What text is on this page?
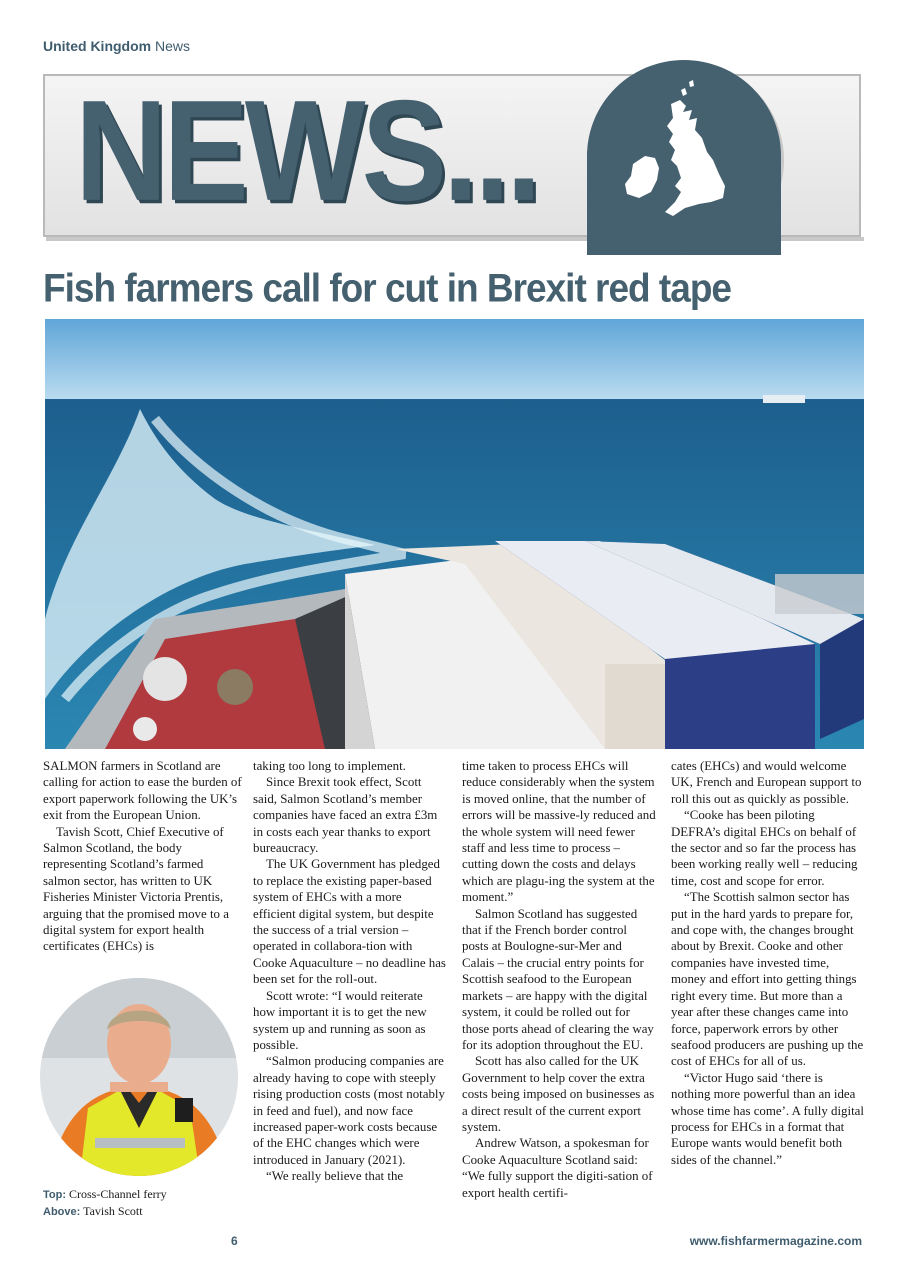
United Kingdom News
NEWS...
Fish farmers call for cut in Brexit red tape

SALMON farmers in Scotland are calling for action to ease the burden of export paperwork following the UK’s exit from the European Union.

Tavish Scott, Chief Executive of Salmon Scotland, the body representing Scotland’s farmed salmon sector, has written to UK Fisheries Minister Victoria Prentis, arguing that the promised move to a digital system for export health certificates (EHCs) is

taking too long to implement.

Since Brexit took effect, Scott said, Salmon Scotland’s member companies have faced an extra £3m in costs each year thanks to export bureaucracy.

The UK Government has pledged to replace the existing paper-based system of EHCs with a more efficient digital system, but despite the success of a trial version – operated in collabora-tion with Cooke Aquaculture – no deadline has been set for the roll-out.

Scott wrote: “I would reiterate how important it is to get the new system up and running as soon as possible.

“Salmon producing companies are already having to cope with steeply rising production costs (most notably in feed and fuel), and now face increased paper-work costs because of the EHC changes which were introduced in January (2021).

“We really believe that the

time taken to process EHCs will reduce considerably when the system is moved online, that the number of errors will be massive-ly reduced and the whole system will need fewer staff and less time to process – cutting down the costs and delays which are plagu-ing the system at the moment.”

Salmon Scotland has suggested that if the French border control posts at Boulogne-sur-Mer and Calais – the crucial entry points for Scottish seafood to the European markets – are happy with the digital system, it could be rolled out for those ports ahead of clearing the way for its adoption throughout the EU.

Scott has also called for the UK Government to help cover the extra costs being imposed on businesses as a direct result of the current export system.

Andrew Watson, a spokesman for Cooke Aquaculture Scotland said: “We fully support the digiti-sation of export health certifi-

cates (EHCs) and would welcome UK, French and European support to roll this out as quickly as possible.

“Cooke has been piloting DEFRA’s digital EHCs on behalf of the sector and so far the process has been working really well – reducing time, cost and scope for error.

“The Scottish salmon sector has put in the hard yards to prepare for, and cope with, the changes brought about by Brexit. Cooke and other companies have invested time, money and effort into getting things right every time. But more than a year after these changes came into force, paperwork errors by other seafood producers are pushing up the cost of EHCs for all of us.

“Victor Hugo said ‘there is nothing more powerful than an idea whose time has come’. A fully digital process for EHCs in a format that Europe wants would benefit both sides of the channel.”

Top: Cross-Channel ferry
Above: Tavish Scott
6	www.fishfarmermagazine.com
